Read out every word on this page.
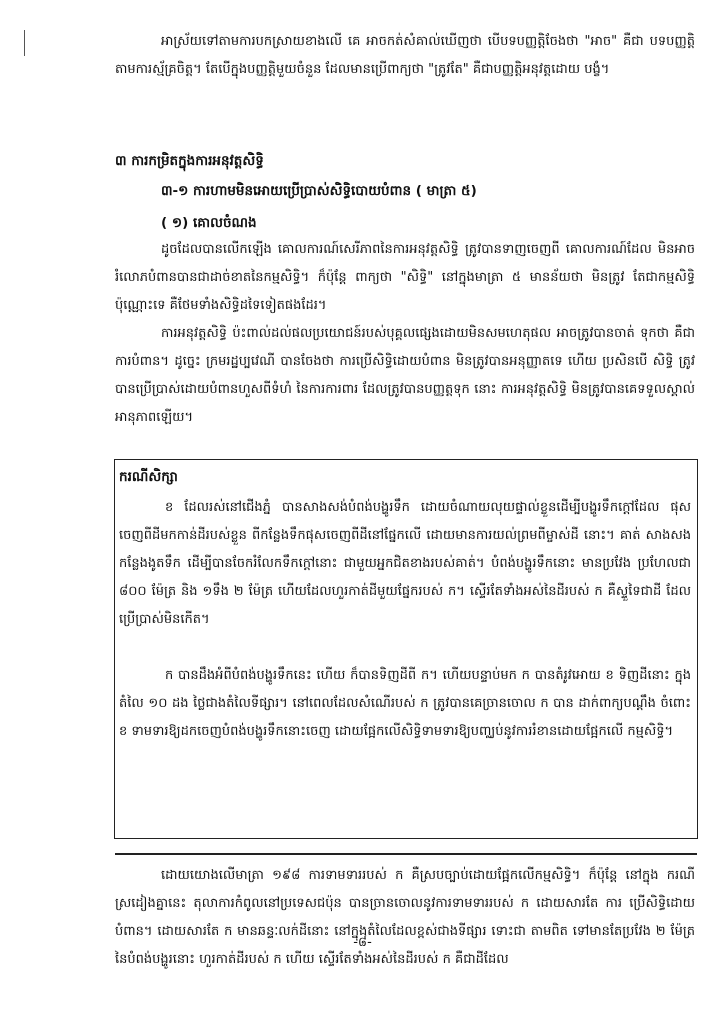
អាស្រ័យទៅតាមការបកស្រាយខាងលើ គេ អាចកត់សំគាល់ឃើញថា បើបទបញ្ញត្តិចែងថា "អាច" គឺជា បទបញ្ញត្តិតាមការស្ម័គ្រចិត្ត។ តែបើក្នុងបញ្ញត្តិមួយចំនួន ដែលមានប្រើពាក្យថា "ត្រូវតែ" គឺជាបញ្ញត្តិអនុវត្តដោយ បង្ខំ។

៣ ការកម្រិតក្នុងការអនុវត្តសិទ្ធិ

៣-១ ការហាមមិនអោយប្រើប្រាស់សិទ្ធិបោយបំពាន ( មាត្រា ៥)

( ១) គោលចំណង

ដូចដែលបានលើកឡើង គោលការណ៍សេរីភាពនៃការអនុវត្តសិទ្ធិ ត្រូវបានទាញចេញពី គោលការណ៍ដែល មិនអាចរំលោភបំពានបានជាដាច់ខាតនៃកម្មសិទ្ធិ។ ក៏ប៉ុន្តែ ពាក្យថា "សិទ្ធិ" នៅក្នុងមាត្រា ៥ មានន័យថា មិនត្រូវ តែជាកម្មសិទ្ធិប៉ុណ្ណោះទេ គឺថែមទាំងសិទ្ធិដទៃទៀតផងដែរ។

ការអនុវត្តសិទ្ធិ ប៉ះពាល់ដល់ផលប្រយោជន៍របស់បុគ្គលផ្សេងដោយមិនសមហេតុផល អាចត្រូវបានចាត់ ទុកថា គឺជាការបំពាន។ ដូច្នេះ ក្រមរដ្ឋប្បវេណី បានចែងថា ការប្រើសិទ្ធិដោយបំពាន មិនត្រូវបានអនុញ្ញាតទេ ហើយ ប្រសិនបើ សិទ្ធិ ត្រូវបានប្រើប្រាស់ដោយបំពានហួសពីទំហំ នៃការការពារ ដែលត្រូវបានបញ្ញត្តទុក នោះ ការអនុវត្តសិទ្ធិ មិនត្រូវបានគេទទួលស្គាល់អានុភាពឡើយ។

ករណីសិក្សា

ខ ដែលរស់នៅជើងភ្នំ បានសាងសង់បំពង់បង្ហូរទឹក ដោយចំណាយលុយផ្ទាល់ខ្លួនដើម្បីបង្ហូរទឹកក្តៅដែល ផុសចេញពីដីមកកាន់ដីរបស់ខ្លួន ពីកន្លែងទឹកផុសចេញពីដីនៅផ្នែកលើ ដោយមានការយល់ព្រមពីម្ចាស់ដី នោះ។ គាត់ សាងសងកន្លែងងូតទឹក ដើម្បីបានចែករំលែកទឹកក្តៅនោះ ជាមួយអ្នកជិតខាងរបស់គាត់។ បំពង់បង្ហូរទឹកនោះ មានប្រវែង ប្រហែលជា ៨០០ ម៉ែត្រ និង ១ទឹង ២ ម៉ែត្រ ហើយដែលហួរកាត់ដីមួយផ្នែករបស់ ក។ ស្ទើរតែទាំងអស់នៃដីរបស់ ក គឺស្ទួទៃជាដី ដែលប្រើប្រាស់មិនកើត។

ក បានដឹងអំពីបំពង់បង្ហូរទឹកនេះ ហើយ ក៏បានទិញដីពី ក។ ហើយបន្ទាប់មក ក បានតំរូវអោយ ខ ទិញដីនោះ ក្នុងតំលៃ ១០ ដង ថ្លៃជាងតំលៃទីផ្សារ។ នៅពេលដែលសំណើរបស់ ក ត្រូវបានគេច្រានចោល ក បាន ដាក់ពាក្យបណ្តឹង ចំពោះ ខ ទាមទារឱ្យដកចេញបំពង់បង្ហូរទឹកនោះចេញ ដោយផ្អែកលើសិទ្ធិទាមទារឱ្យបញ្ឈប់នូវការរំខានដោយផ្អែកលើ កម្មសិទ្ធិ។

ដោយយោងលើមាត្រា ១៩៨ ការទាមទាររបស់ ក គឺស្របច្បាប់ដោយផ្អែកលើកម្មសិទ្ធិ។ ក៏ប៉ុន្តែ នៅក្នុង ករណីស្រដៀងគ្នានេះ តុលាការកំពូលនៅប្រទេសជប៉ុន បានច្រានចោលនូវការទាមទាររបស់ ក ដោយសារតែ ការ ប្រើសិទ្ធិដោយបំពាន។ ដោយសារតែ ក មានឆន្ទៈលក់ដីនោះ នៅក្នុងតំលៃដែលខ្ពស់ជាងទីផ្សារ ទោះជា តាមពិត ទៅមានតែប្រវែង ២ ម៉ែត្រ នៃបំពង់បង្ហូរនោះ ហួរកាត់ដីរបស់ ក ហើយ ស្ទើរតែទាំងអស់នៃដីរបស់ ក គឺជាដីដែល

-៨-
